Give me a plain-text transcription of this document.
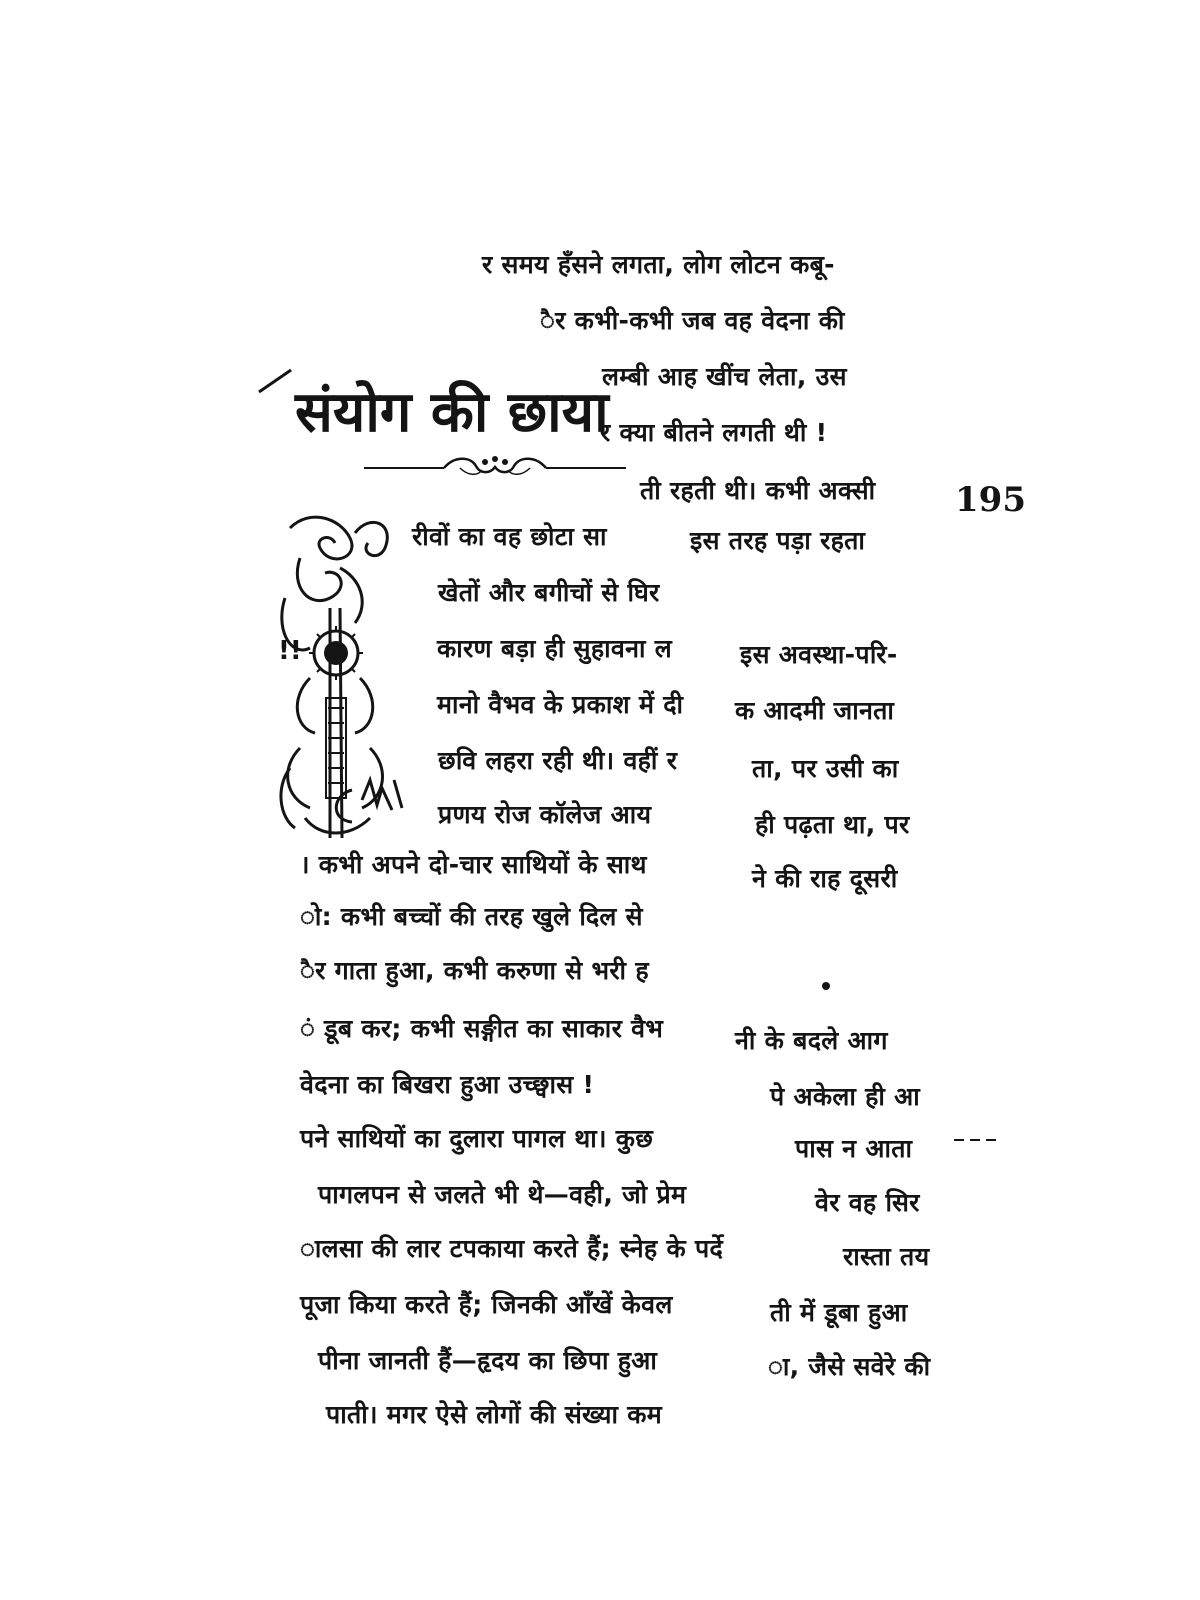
र समय हँसने लगता, लोग लोटन कबू-
ैर कभी-कभी जब वह वेदना की
लम्बी आह खींच लेता, उस
र क्या बीतने लगती थी !
ती रहती थी। कभी अक्सी
इस तरह पड़ा रहता
इस अवस्था-परि-
क आदमी जानता
ता, पर उसी का
ही पढ़ता था, पर
ने की राह दूसरी
नी के बदले आग
पे अकेला ही आ
पास न आता
वेर वह सिर
रास्ता तय
ती में डूबा हुआ
ा, जैसे सवेरे की
संयोग की छाया
195
!!
रीवों का वह छोटा सा
खेतों और बगीचों से घिर
कारण बड़ा ही सुहावना ल
मानो वैभव के प्रकाश में दी
छवि लहरा रही थी। वहीं र
प्रणय रोज कॉलेज आय
। कभी अपने दो-चार साथियों के साथ
ो: कभी बच्चों की तरह खुले दिल से
ैर गाता हुआ, कभी करुणा से भरी ह
ं डूब कर; कभी सङ्गीत का साकार वैभ
वेदना का बिखरा हुआ उच्छ्वास !
पने साथियों का दुलारा पागल था। कुछ
पागलपन से जलते भी थे—वही, जो प्रेम
ालसा की लार टपकाया करते हैं; स्नेह के पर्दे
पूजा किया करते हैं; जिनकी आँखें केवल
पीना जानती हैं—हृदय का छिपा हुआ
पाती। मगर ऐसे लोगों की संख्या कम
